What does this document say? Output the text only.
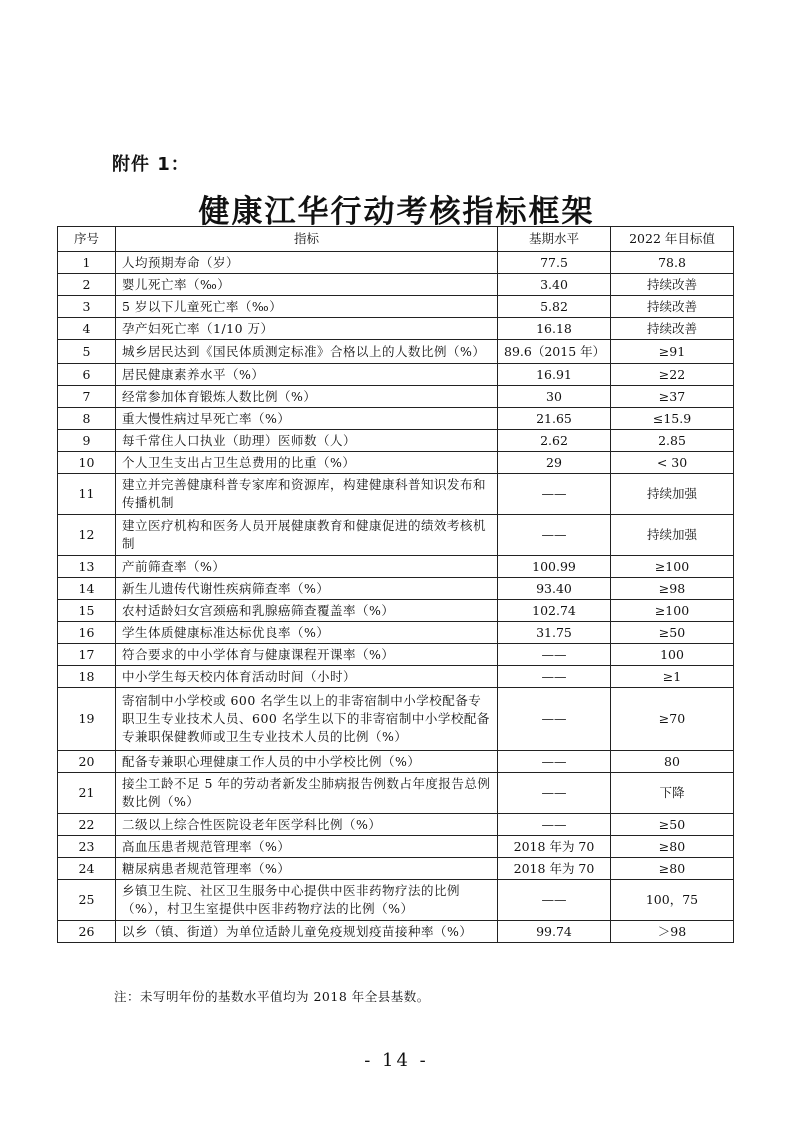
附件 1：
健康江华行动考核指标框架
序号	指标	基期水平	2022 年目标值
1	人均预期寿命（岁）	77.5	78.8
2	婴儿死亡率（‰）	3.40	持续改善
3	5 岁以下儿童死亡率（‰）	5.82	持续改善
4	孕产妇死亡率（1/10 万）	16.18	持续改善
5	城乡居民达到《国民体质测定标准》合格以上的人数比例（%）	89.6（2015 年）	≥91
6	居民健康素养水平（%）	16.91	≥22
7	经常参加体育锻炼人数比例（%）	30	≥37
8	重大慢性病过早死亡率（%）	21.65	≤15.9
9	每千常住人口执业（助理）医师数（人）	2.62	2.85
10	个人卫生支出占卫生总费用的比重（%）	29	< 30
11	建立并完善健康科普专家库和资源库，构建健康科普知识发布和传播机制	——	持续加强
12	建立医疗机构和医务人员开展健康教育和健康促进的绩效考核机制	——	持续加强
13	产前筛查率（%）	100.99	≥100
14	新生儿遗传代谢性疾病筛查率（%）	93.40	≥98
15	农村适龄妇女宫颈癌和乳腺癌筛查覆盖率（%）	102.74	≥100
16	学生体质健康标准达标优良率（%）	31.75	≥50
17	符合要求的中小学体育与健康课程开课率（%）	——	100
18	中小学生每天校内体育活动时间（小时）	——	≥1
19	寄宿制中小学校或 600 名学生以上的非寄宿制中小学校配备专职卫生专业技术人员、600 名学生以下的非寄宿制中小学校配备专兼职保健教师或卫生专业技术人员的比例（%）	——	≥70
20	配备专兼职心理健康工作人员的中小学校比例（%）	——	80
21	接尘工龄不足 5 年的劳动者新发尘肺病报告例数占年度报告总例数比例（%）	——	下降
22	二级以上综合性医院设老年医学科比例（%）	——	≥50
23	高血压患者规范管理率（%）	2018 年为 70	≥80
24	糖尿病患者规范管理率（%）	2018 年为 70	≥80
25	乡镇卫生院、社区卫生服务中心提供中医非药物疗法的比例（%），村卫生室提供中医非药物疗法的比例（%）	——	100，75
26	以乡（镇、街道）为单位适龄儿童免疫规划疫苗接种率（%）	99.74	＞98
注：未写明年份的基数水平值均为 2018 年全县基数。
- 14 -
